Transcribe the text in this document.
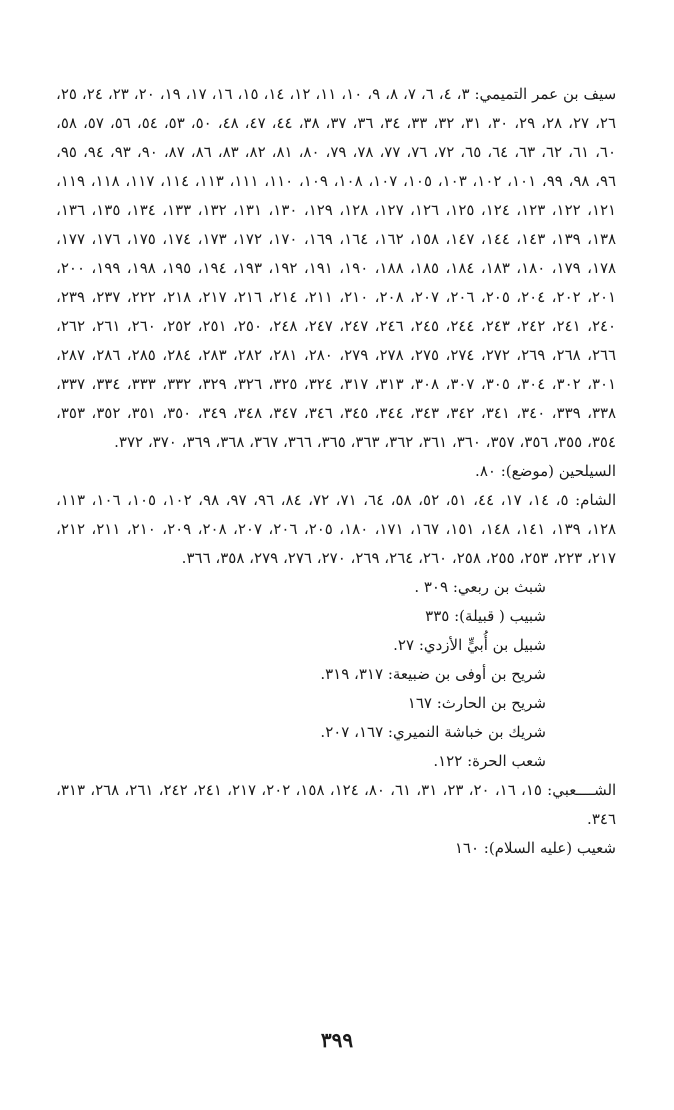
سيف بن عمر التميمي: ٣، ٤، ٦، ٧، ٨، ٩، ١٠، ١١، ١٢، ١٤، ١٥، ١٦، ١٧، ١٩، ٢٠، ٢٣، ٢٤، ٢٥، ٢٦، ٢٧، ٢٨، ٢٩، ٣٠، ٣١، ٣٢، ٣٣، ٣٤، ٣٦، ٣٧، ٣٨، ٤٤، ٤٧، ٤٨، ٥٠، ٥٣، ٥٤، ٥٦، ٥٧، ٥٨، ٦٠، ٦١، ٦٢، ٦٣، ٦٤، ٦٥، ٧٢، ٧٦، ٧٧، ٧٨، ٧٩، ٨٠، ٨١، ٨٢، ٨٣، ٨٦، ٨٧، ٩٠، ٩٣، ٩٤، ٩٥، ٩٦، ٩٨، ٩٩، ١٠١، ١٠٢، ١٠٣، ١٠٥، ١٠٧، ١٠٨، ١٠٩، ١١٠، ١١١، ١١٣، ١١٤، ١١٧، ١١٨، ١١٩، ١٢١، ١٢٢، ١٢٣، ١٢٤، ١٢٥، ١٢٦، ١٢٧، ١٢٨، ١٢٩، ١٣٠، ١٣١، ١٣٢، ١٣٣، ١٣٤، ١٣٥، ١٣٦، ١٣٨، ١٣٩، ١٤٣، ١٤٤، ١٤٧، ١٥٨، ١٦٢، ١٦٤، ١٦٩، ١٧٠، ١٧٢، ١٧٣، ١٧٤، ١٧٥، ١٧٦، ١٧٧، ١٧٨، ١٧٩، ١٨٠، ١٨٣، ١٨٤، ١٨٥، ١٨٨، ١٩٠، ١٩١، ١٩٢، ١٩٣، ١٩٤، ١٩٥، ١٩٨، ١٩٩، ٢٠٠، ٢٠١، ٢٠٢، ٢٠٤، ٢٠٥، ٢٠٦، ٢٠٧، ٢٠٨، ٢١٠، ٢١١، ٢١٤، ٢١٦، ٢١٧، ٢١٨، ٢٢٢، ٢٣٧، ٢٣٩، ٢٤٠، ٢٤١، ٢٤٢، ٢٤٣، ٢٤٤، ٢٤٥، ٢٤٦، ٢٤٧، ٢٤٧، ٢٤٨، ٢٥٠، ٢٥١، ٢٥٢، ٢٦٠، ٢٦١، ٢٦٢، ٢٦٦، ٢٦٨، ٢٦٩، ٢٧٢، ٢٧٤، ٢٧٥، ٢٧٨، ٢٧٩، ٢٨٠، ٢٨١، ٢٨٢، ٢٨٣، ٢٨٤، ٢٨٥، ٢٨٦، ٢٨٧، ٣٠١، ٣٠٢، ٣٠٤، ٣٠٥، ٣٠٧، ٣٠٨، ٣١٣، ٣١٧، ٣٢٤، ٣٢٥، ٣٢٦، ٣٢٩، ٣٣٢، ٣٣٣، ٣٣٤، ٣٣٧، ٣٣٨، ٣٣٩، ٣٤٠، ٣٤١، ٣٤٢، ٣٤٣، ٣٤٤، ٣٤٥، ٣٤٦، ٣٤٧، ٣٤٨، ٣٤٩، ٣٥٠، ٣٥١، ٣٥٢، ٣٥٣، ٣٥٤، ٣٥٥، ٣٥٦، ٣٥٧، ٣٦٠، ٣٦١، ٣٦٢، ٣٦٣، ٣٦٥، ٣٦٦، ٣٦٧، ٣٦٨، ٣٦٩، ٣٧٠، ٣٧٢.

السيلحين (موضع): ٨٠.

الشام: ٥، ١٤، ١٧، ٤٤، ٥١، ٥٢، ٥٨، ٦٤، ٧١، ٧٢، ٨٤، ٩٦، ٩٧، ٩٨، ١٠٢، ١٠٥، ١٠٦، ١١٣، ١٢٨، ١٣٩، ١٤١، ١٤٨، ١٥١، ١٦٧، ١٧١، ١٨٠، ٢٠٥، ٢٠٦، ٢٠٧، ٢٠٨، ٢٠٩، ٢١٠، ٢١١، ٢١٢، ٢١٧، ٢٢٣، ٢٥٣، ٢٥٥، ٢٥٨، ٢٦٠، ٢٦٤، ٢٦٩، ٢٧٠، ٢٧٦، ٢٧٩، ٣٥٨، ٣٦٦.

شبث بن ربعي: ٣٠٩ .

شبيب ( قبيلة): ٣٣٥

شبيل بن أُبيٍّ الأزدي: ٢٧.

شريح بن أوفى بن ضبيعة: ٣١٧، ٣١٩.

شريح بن الحارث: ١٦٧

شريك بن خباشة النميري: ١٦٧، ٢٠٧.

شعب الحرة: ١٢٢.

الشــــعبي: ١٥، ١٦، ٢٠، ٢٣، ٣١، ٦١، ٨٠، ١٢٤، ١٥٨، ٢٠٢، ٢١٧، ٢٤١، ٢٤٢، ٢٦١، ٢٦٨، ٣١٣، ٣٤٦.

شعيب (عليه السلام): ١٦٠

٣٩٩
